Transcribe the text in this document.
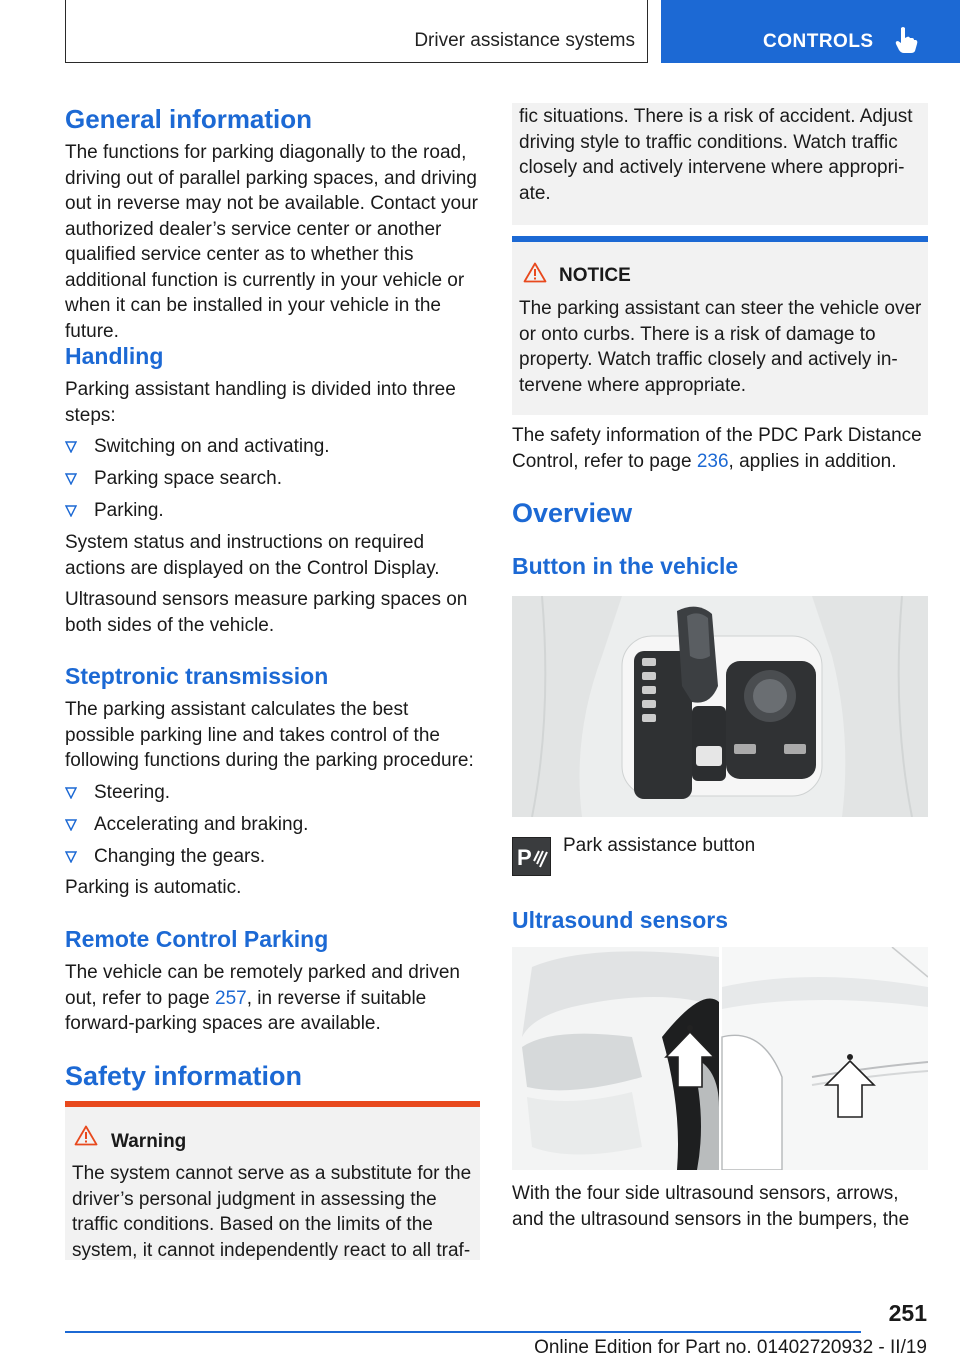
Driver assistance systems	CONTROLS
General information

The functions for parking diagonally to the road, driving out of parallel parking spaces, and driving out in reverse may not be available. Contact your authorized dealer’s service center or another qualified service center as to whether this additional function is currently in your vehicle or when it can be installed in your vehicle in the future.

Handling

Parking assistant handling is divided into three steps:

Switching on and activating.
Parking space search.
Parking.

System status and instructions on required actions are displayed on the Control Display.

Ultrasound sensors measure parking spaces on both sides of the vehicle.

Steptronic transmission

The parking assistant calculates the best possible parking line and takes control of the following functions during the parking procedure:

Steering.
Accelerating and braking.
Changing the gears.

Parking is automatic.

Remote Control Parking

The vehicle can be remotely parked and driven out, refer to page 257, in reverse if suitable forward-parking spaces are available.

Safety information
Warning

The system cannot serve as a substitute for the driver’s personal judgment in assessing the traffic conditions. Based on the limits of the system, it cannot independently react to all traf-

fic situations. There is a risk of accident. Adjust driving style to traffic conditions. Watch traffic closely and actively intervene where appropri- ate.

NOTICE

The parking assistant can steer the vehicle over or onto curbs. There is a risk of damage to property. Watch traffic closely and actively in- tervene where appropriate.

The safety information of the PDC Park Distance Control, refer to page 236, applies in addition.

Overview
Button in the vehicle
P Park assistance button
Ultrasound sensors

With the four side ultrasound sensors, arrows, and the ultrasound sensors in the bumpers, the

251
Online Edition for Part no. 01402720932 - II/19
